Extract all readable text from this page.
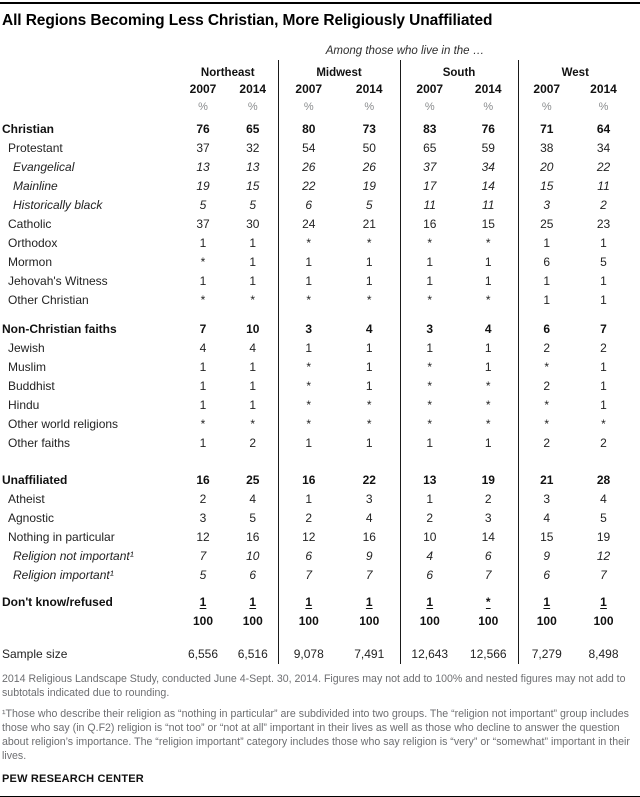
All Regions Becoming Less Christian, More Religiously Unaffiliated
Among those who live in the …
	Northeast		Midwest		South		West	
	2007	2014	2007	2014	2007	2014	2007	2014
	%	%	%	%	%	%	%	%
Christian	76	65	80	73	83	76	71	64
Protestant	37	32	54	50	65	59	38	34
Evangelical	13	13	26	26	37	34	20	22
Mainline	19	15	22	19	17	14	15	11
Historically black	5	5	6	5	11	11	3	2
Catholic	37	30	24	21	16	15	25	23
Orthodox	1	1	*	*	*	*	1	1
Mormon	*	1	1	1	1	1	6	5
Jehovah's Witness	1	1	1	1	1	1	1	1
Other Christian	*	*	*	*	*	*	1	1

Non-Christian faiths	7	10	3	4	3	4	6	7
Jewish	4	4	1	1	1	1	2	2
Muslim	1	1	*	1	*	1	*	1
Buddhist	1	1	*	1	*	*	2	1
Hindu	1	1	*	*	*	*	*	1
Other world religions	*	*	*	*	*	*	*	*
Other faiths	1	2	1	1	1	1	2	2

Unaffiliated	16	25	16	22	13	19	21	28
Atheist	2	4	1	3	1	2	3	4
Agnostic	3	5	2	4	2	3	4	5
Nothing in particular	12	16	12	16	10	14	15	19
Religion not important¹	7	10	6	9	4	6	9	12
Religion important¹	5	6	7	7	6	7	6	7

Don't know/refused	1	1	1	1	1	*	1	1
	100	100	100	100	100	100	100	100

Sample size	6,556	6,516	9,078	7,491	12,643	12,566	7,279	8,498

2014 Religious Landscape Study, conducted June 4-Sept. 30, 2014. Figures may not add to 100% and nested figures may not add to subtotals indicated due to rounding.

¹Those who describe their religion as “nothing in particular” are subdivided into two groups. The “religion not important” group includes those who say (in Q.F2) religion is “not too” or “not at all” important in their lives as well as those who decline to answer the question about religion’s importance. The “religion important” category includes those who say religion is “very” or “somewhat” important in their lives.

PEW RESEARCH CENTER
